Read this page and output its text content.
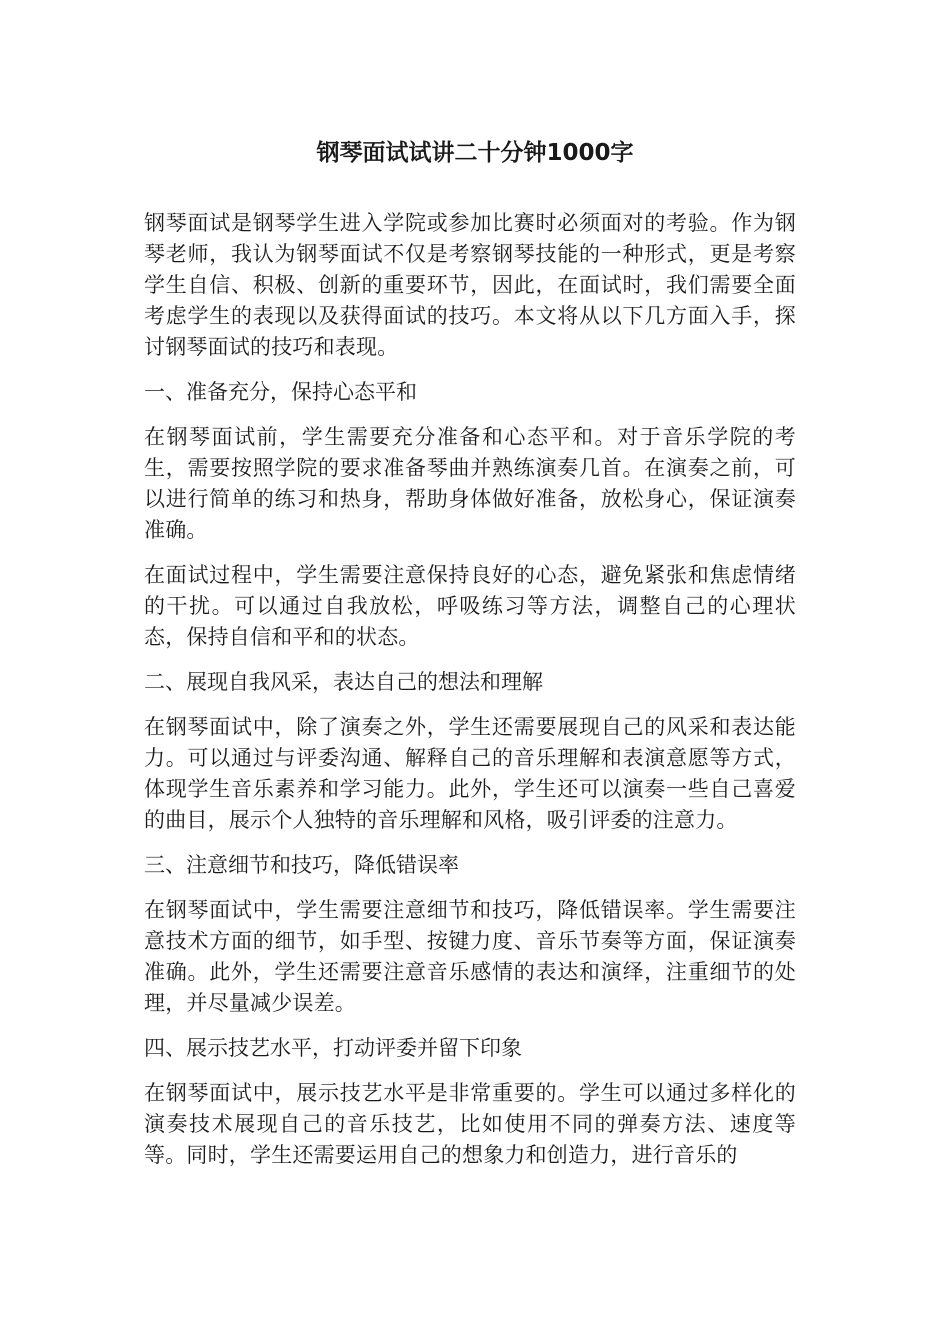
钢琴面试试讲二十分钟1000字

钢琴面试是钢琴学生进入学院或参加比赛时必须面对的考验。作为钢琴老师，我认为钢琴面试不仅是考察钢琴技能的一种形式，更是考察学生自信、积极、创新的重要环节，因此，在面试时，我们需要全面考虑学生的表现以及获得面试的技巧。本文将从以下几方面入手，探讨钢琴面试的技巧和表现。

一、准备充分，保持心态平和

在钢琴面试前，学生需要充分准备和心态平和。对于音乐学院的考生，需要按照学院的要求准备琴曲并熟练演奏几首。在演奏之前，可以进行简单的练习和热身，帮助身体做好准备，放松身心，保证演奏准确。

在面试过程中，学生需要注意保持良好的心态，避免紧张和焦虑情绪的干扰。可以通过自我放松，呼吸练习等方法，调整自己的心理状态，保持自信和平和的状态。

二、展现自我风采，表达自己的想法和理解

在钢琴面试中，除了演奏之外，学生还需要展现自己的风采和表达能力。可以通过与评委沟通、解释自己的音乐理解和表演意愿等方式，体现学生音乐素养和学习能力。此外，学生还可以演奏一些自己喜爱的曲目，展示个人独特的音乐理解和风格，吸引评委的注意力。

三、注意细节和技巧，降低错误率

在钢琴面试中，学生需要注意细节和技巧，降低错误率。学生需要注意技术方面的细节，如手型、按键力度、音乐节奏等方面，保证演奏准确。此外，学生还需要注意音乐感情的表达和演绎，注重细节的处理，并尽量减少误差。

四、展示技艺水平，打动评委并留下印象

在钢琴面试中，展示技艺水平是非常重要的。学生可以通过多样化的演奏技术展现自己的音乐技艺，比如使用不同的弹奏方法、速度等等。同时，学生还需要运用自己的想象力和创造力，进行音乐的
